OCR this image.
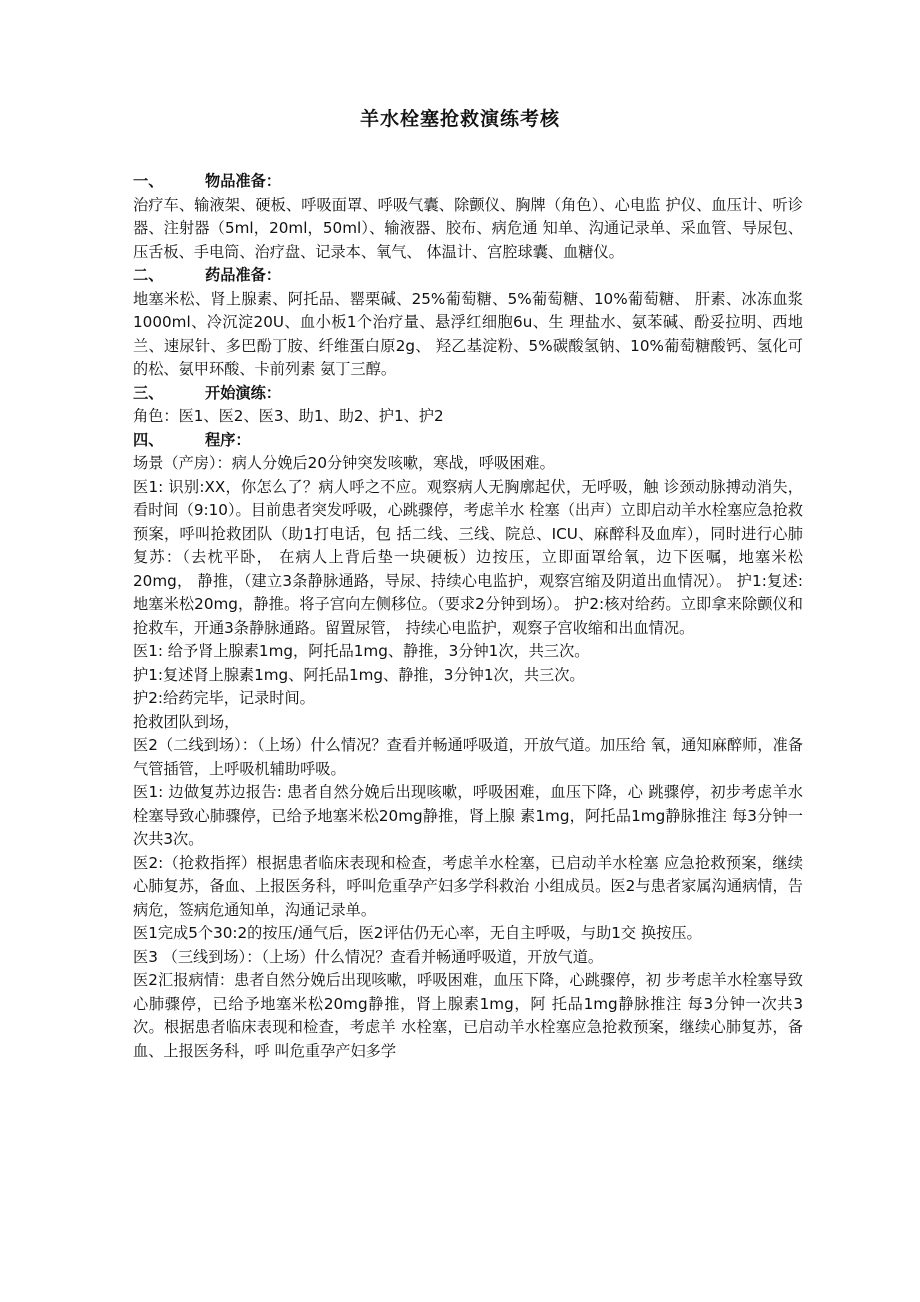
羊水栓塞抢救演练考核

一、	物品准备：

治疗车、输液架、硬板、呼吸面罩、呼吸气囊、除颤仪、胸牌（角色）、心电监 护仪、血压计、听诊器、注射器（5ml，20ml，50ml）、输液器、胶布、病危通 知单、沟通记录单、采血管、导尿包、压舌板、手电筒、治疗盘、记录本、氧气、 体温计、宫腔球囊、血糖仪。

二、	药品准备：

地塞米松、肾上腺素、阿托品、罂栗碱、25%葡萄糖、5%葡萄糖、10%葡萄糖、 肝素、冰冻血浆1000ml、冷沉淀20U、血小板1个治疗量、悬浮红细胞6u、生 理盐水、氨苯碱、酚妥拉明、西地兰、速尿针、多巴酚丁胺、纤维蛋白原2g、 羟乙基淀粉、5%碳酸氢钠、10%葡萄糖酸钙、氢化可的松、氨甲环酸、卡前列素 氨丁三醇。

三、	开始演练：

角色：医1、医2、医3、助1、助2、护1、护2

四、	程序：

场景（产房）：病人分娩后20分钟突发咳嗽，寒战，呼吸困难。

医1: 识别:XX，你怎么了？病人呼之不应。观察病人无胸廓起伏，无呼吸，触 诊颈动脉搏动消失，看时间（9:10）。目前患者突发呼吸，心跳骤停，考虑羊水 栓塞（出声）立即启动羊水栓塞应急抢救预案，呼叫抢救团队（助1打电话，包 括二线、三线、院总、ICU、麻醉科及血库），同时进行心肺复苏：（去枕平卧， 在病人上背后垫一块硬板）边按压，立即面罩给氧，边下医嘱，地塞米松20mg， 静推，（建立3条静脉通路，导尿、持续心电监护，观察宫缩及阴道出血情况）。 护1:复述:地塞米松20mg，静推。将子宫向左侧移位。（要求2分钟到场）。 护2:核对给药。立即拿来除颤仪和抢救车，开通3条静脉通路。留置尿管， 持续心电监护，观察子宫收缩和出血情况。

医1: 给予肾上腺素1mg，阿托品1mg、静推，3分钟1次，共三次。

护1:复述肾上腺素1mg、阿托品1mg、静推，3分钟1次，共三次。

护2:给药完毕，记录时间。

抢救团队到场，

医2（二线到场）：（上场）什么情况？查看并畅通呼吸道，开放气道。加压给 氧，通知麻醉师，准备气管插管，上呼吸机辅助呼吸。

医1: 边做复苏边报告: 患者自然分娩后出现咳嗽，呼吸困难，血压下降，心 跳骤停，初步考虑羊水栓塞导致心肺骤停，已给予地塞米松20mg静推，肾上腺 素1mg，阿托品1mg静脉推注 每3分钟一次共3次。

医2:（抢救指挥）根据患者临床表现和检查，考虑羊水栓塞，已启动羊水栓塞 应急抢救预案，继续心肺复苏，备血、上报医务科，呼叫危重孕产妇多学科救治 小组成员。医2与患者家属沟通病情，告病危，签病危通知单，沟通记录单。

医1完成5个30:2的按压/通气后，医2评估仍无心率，无自主呼吸，与助1交 换按压。

医3 （三线到场）：（上场）什么情况？查看并畅通呼吸道，开放气道。

医2汇报病情：患者自然分娩后出现咳嗽，呼吸困难，血压下降，心跳骤停，初 步考虑羊水栓塞导致心肺骤停，已给予地塞米松20mg静推，肾上腺素1mg，阿 托品1mg静脉推注 每3分钟一次共3次。根据患者临床表现和检查，考虑羊 水栓塞，已启动羊水栓塞应急抢救预案，继续心肺复苏，备血、上报医务科，呼 叫危重孕产妇多学
